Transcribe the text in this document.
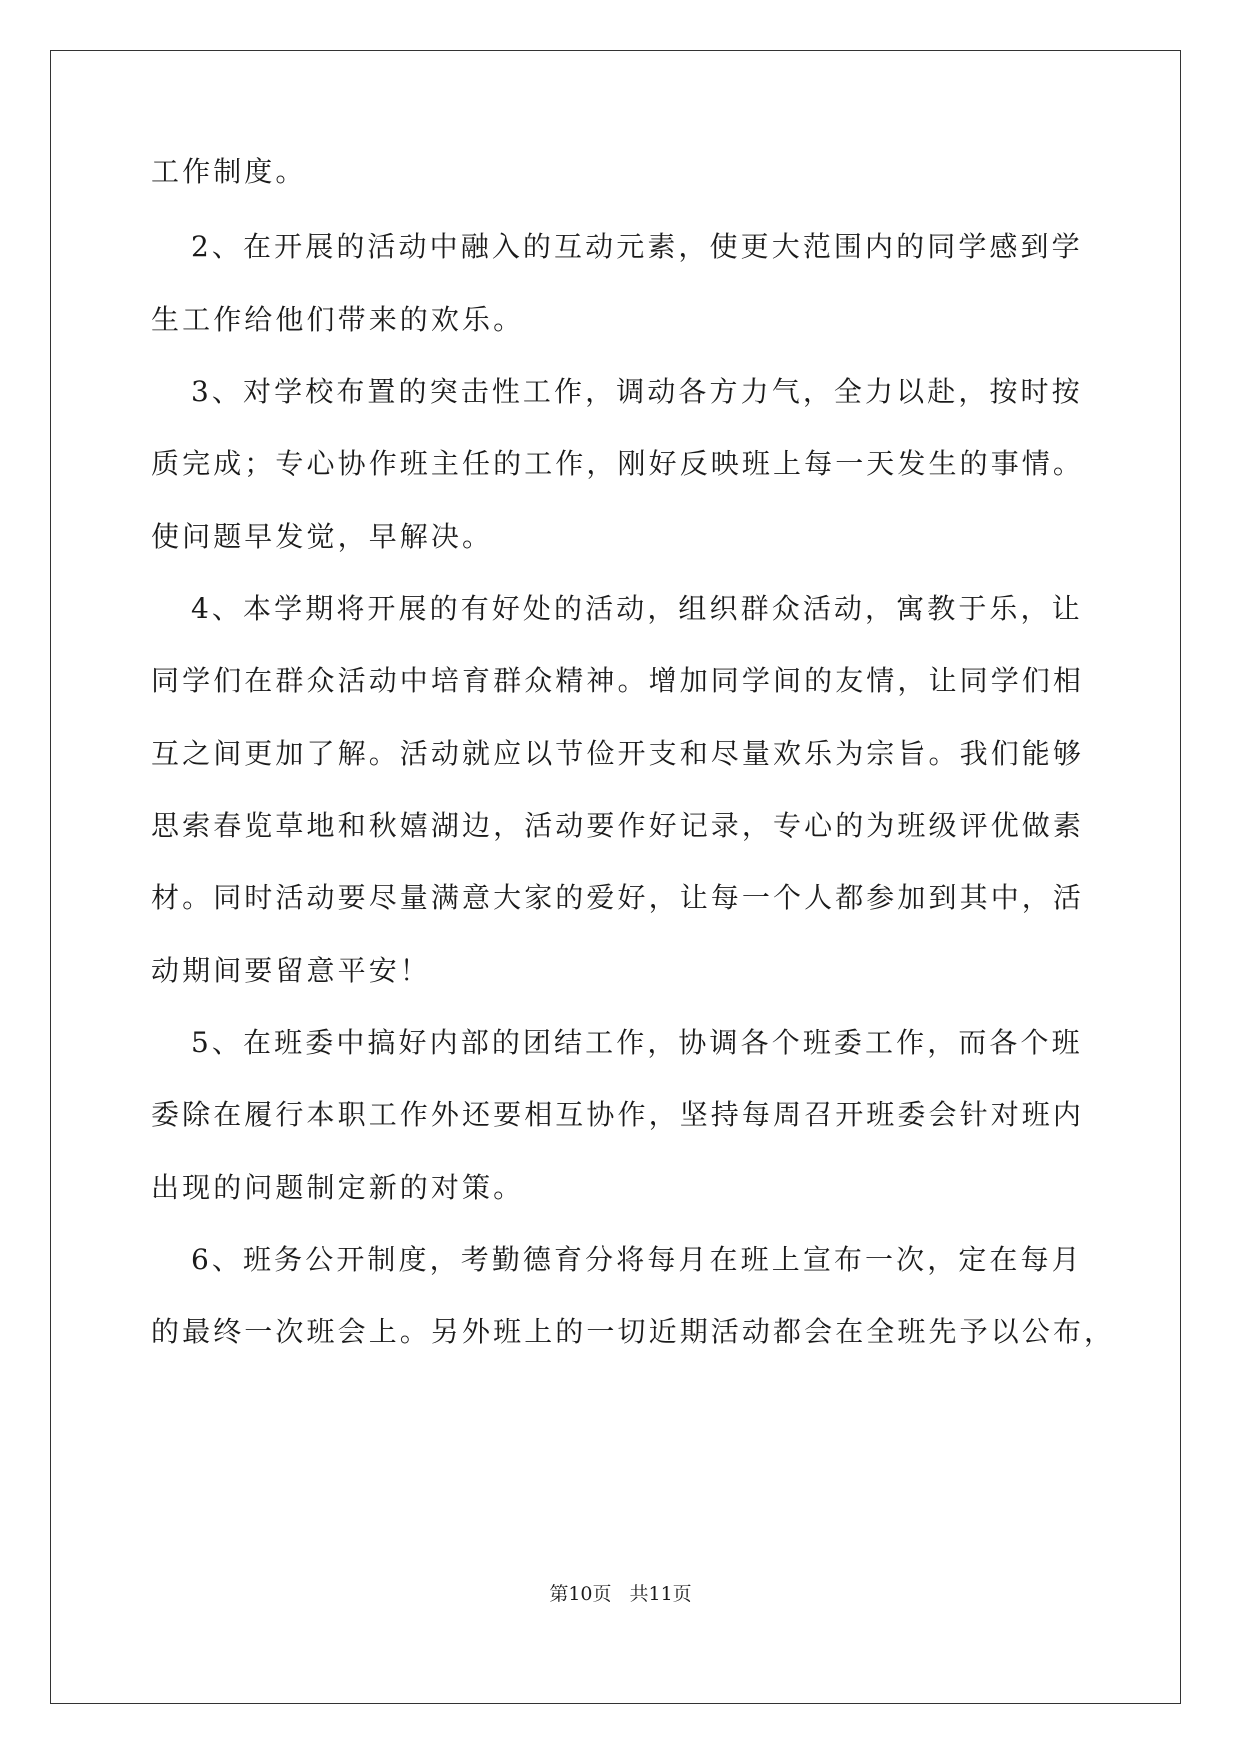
工作制度。
2、在开展的活动中融入的互动元素，使更大范围内的同学感到学
生工作给他们带来的欢乐。
3、对学校布置的突击性工作，调动各方力气，全力以赴，按时按
质完成；专心协作班主任的工作，刚好反映班上每一天发生的事情。
使问题早发觉，早解决。
4、本学期将开展的有好处的活动，组织群众活动，寓教于乐，让
同学们在群众活动中培育群众精神。增加同学间的友情，让同学们相
互之间更加了解。活动就应以节俭开支和尽量欢乐为宗旨。我们能够
思索春览草地和秋嬉湖边，活动要作好记录，专心的为班级评优做素
材。同时活动要尽量满意大家的爱好，让每一个人都参加到其中，活
动期间要留意平安！
5、在班委中搞好内部的团结工作，协调各个班委工作，而各个班
委除在履行本职工作外还要相互协作，坚持每周召开班委会针对班内
出现的问题制定新的对策。
6、班务公开制度，考勤德育分将每月在班上宣布一次，定在每月
的最终一次班会上。另外班上的一切近期活动都会在全班先予以公布，
第10页 共11页
